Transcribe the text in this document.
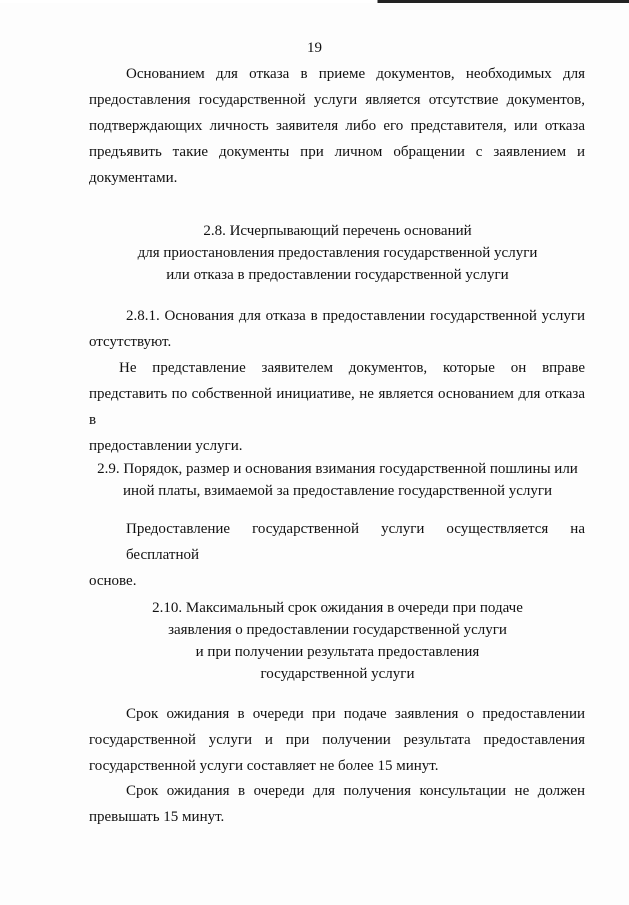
19
Основанием для отказа в приеме документов, необходимых для
предоставления государственной услуги является отсутствие документов,
подтверждающих личность заявителя либо его представителя, или отказа
предъявить такие документы при личном обращении с заявлением и
документами.
2.8. Исчерпывающий перечень оснований
для приостановления предоставления государственной услуги
или отказа в предоставлении государственной услуги
2.8.1. Основания для отказа в предоставлении государственной услуги
отсутствуют.
Не представление заявителем документов, которые он вправе
представить по собственной инициативе, не является основанием для отказа в
предоставлении услуги.
2.9. Порядок, размер и основания взимания государственной пошлины или
иной платы, взимаемой за предоставление государственной услуги
Предоставление государственной услуги осуществляется на бесплатной
основе.
2.10. Максимальный срок ожидания в очереди при подаче
заявления о предоставлении государственной услуги
и при получении результата предоставления
государственной услуги
Срок ожидания в очереди при подаче заявления о предоставлении
государственной услуги и при получении результата предоставления
государственной услуги составляет не более 15 минут.
Срок ожидания в очереди для получения консультации не должен
превышать 15 минут.
